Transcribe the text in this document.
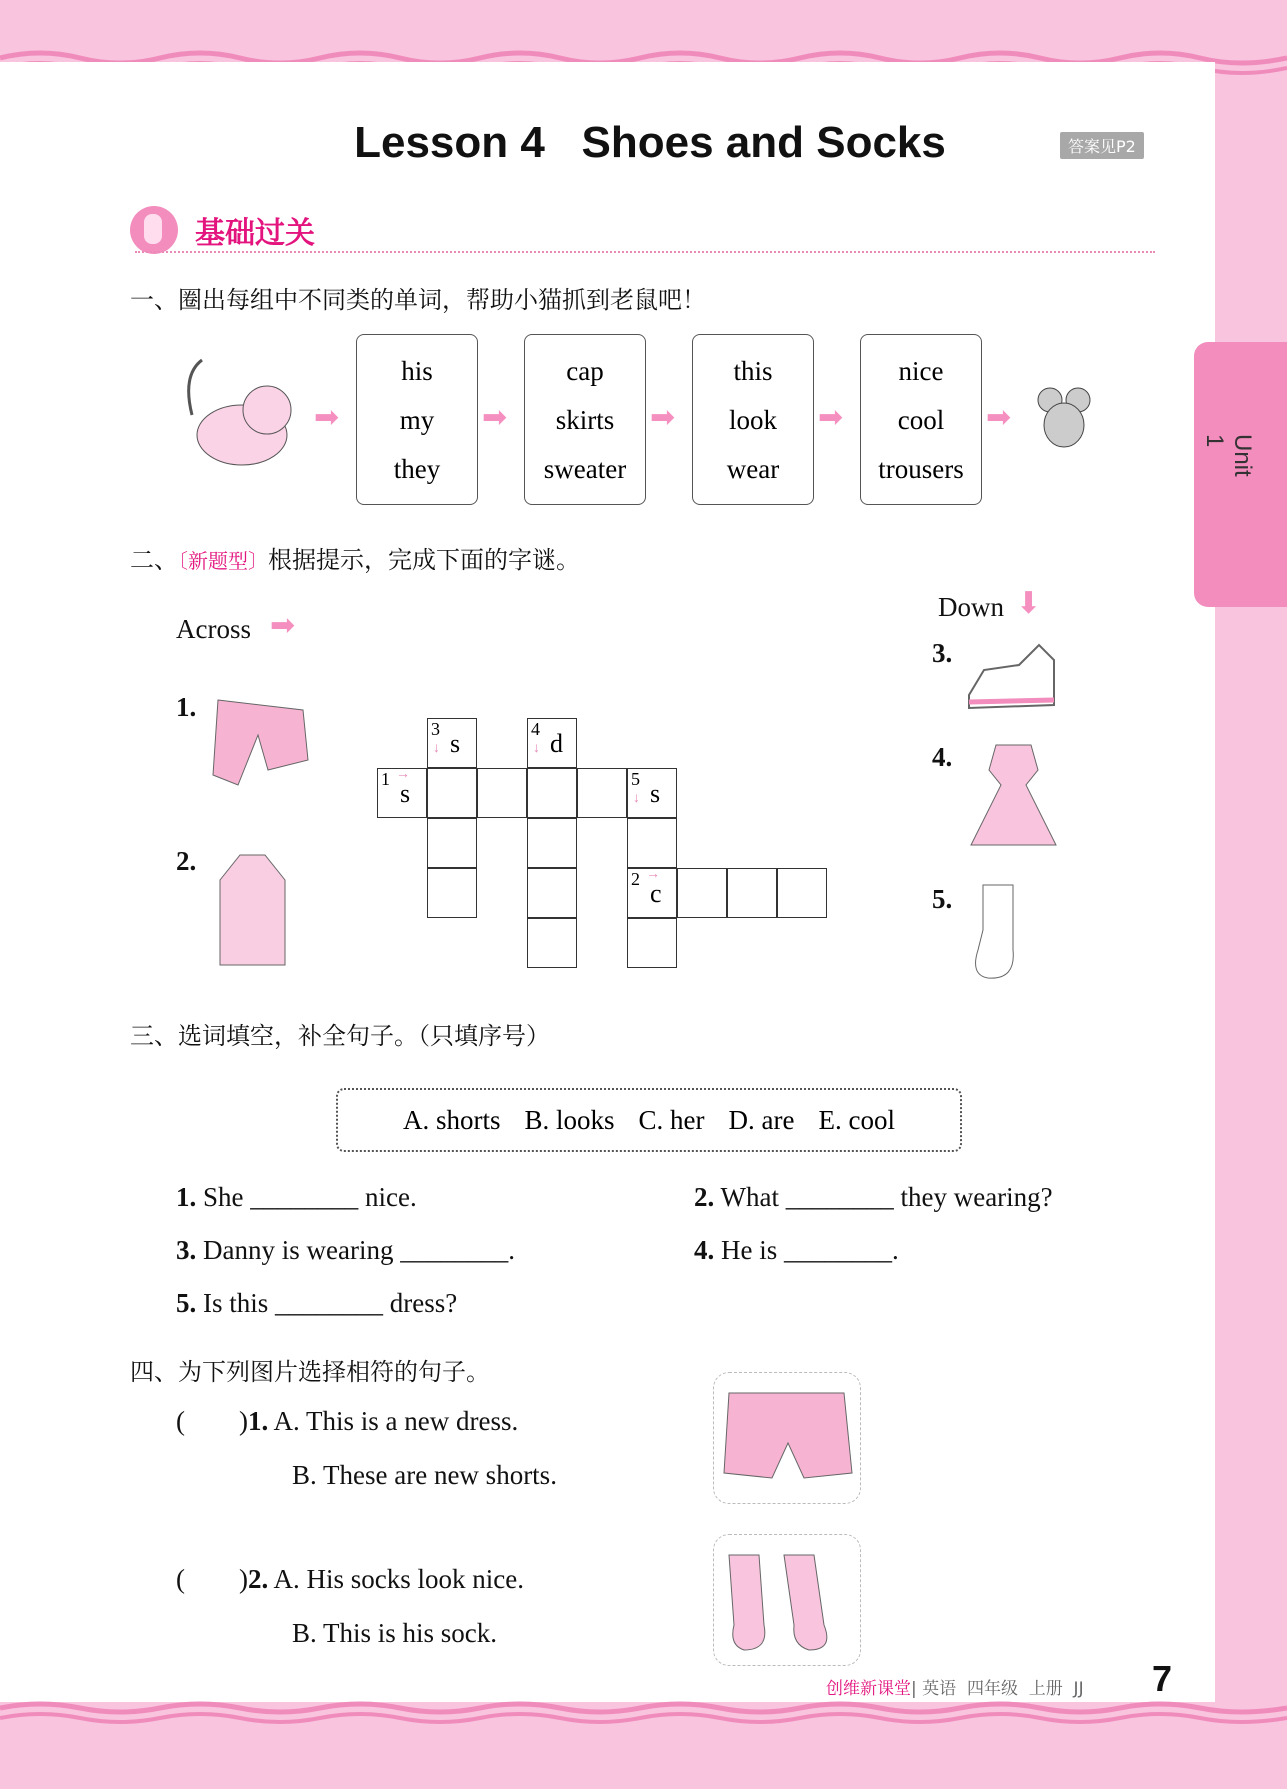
Lesson 4   Shoes and Socks	答案见P2
Unit 1
基础过关
一、圈出每组中不同类的单词，帮助小猫抓到老鼠吧！
➡
his
my
they
➡
cap
skirts
sweater
➡
this
look
wear
➡
nice
cool
trousers
➡
二、〔新题型〕根据提示，完成下面的字谜。
Across ➡
Down ⬇
1.
2.
3.
4.
5.
3 s
↓
4 d
↓
1 s
→	5 s
↓
2 c
→
三、选词填空，补全句子。（只填序号）
A. shorts B. looks C. her D. are E. cool
1. She ________ nice.	2. What ________ they wearing?
3. Danny is wearing ________.	4. He is ________.
5. Is this ________ dress?
四、为下列图片选择相符的句子。
(        )1. A. This is a new dress.
B. These are new shorts.
(        )2. A. His socks look nice.
B. This is his sock.
创维新课堂| 英语  四年级  上册  JJ 7
